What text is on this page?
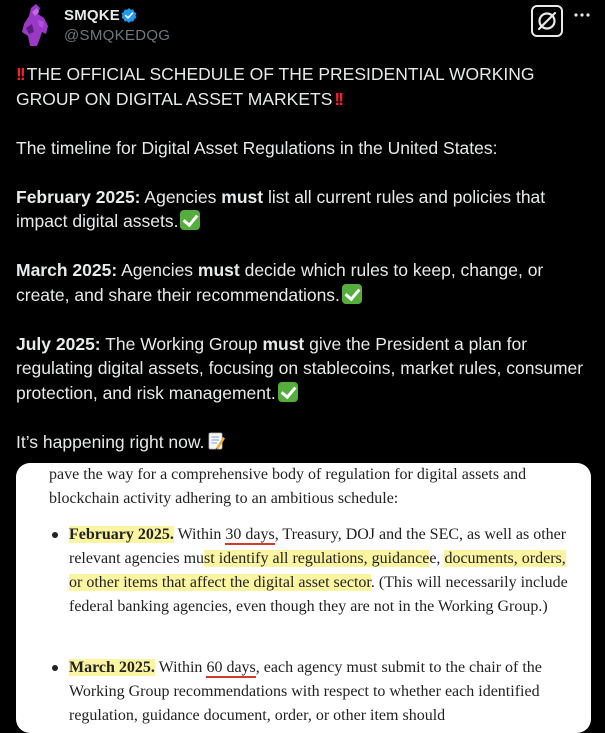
SMQKE
@SMQKEDQG

!! THE OFFICIAL SCHEDULE OF THE PRESIDENTIAL WORKING GROUP ON DIGITAL ASSET MARKETS !!

The timeline for Digital Asset Regulations in the United States:

February 2025: Agencies must list all current rules and policies that impact digital assets.

March 2025: Agencies must decide which rules to keep, change, or create, and share their recommendations.

July 2025: The Working Group must give the President a plan for regulating digital assets, focusing on stablecoins, market rules, consumer protection, and risk management.

It’s happening right now.

pave the way for a comprehensive body of regulation for digital assets and blockchain activity adhering to an ambitious schedule:
February 2025. Within 30 days, Treasury, DOJ and the SEC, as well as other relevant agencies must identify all regulations, guidancee, documents, orders, or other items that affect the digital asset sector. (This will necessarily include federal banking agencies, even though they are not in the Working Group.)
March 2025. Within 60 days, each agency must submit to the chair of the Working Group recommendations with respect to whether each identified regulation, guidance document, order, or other item should
